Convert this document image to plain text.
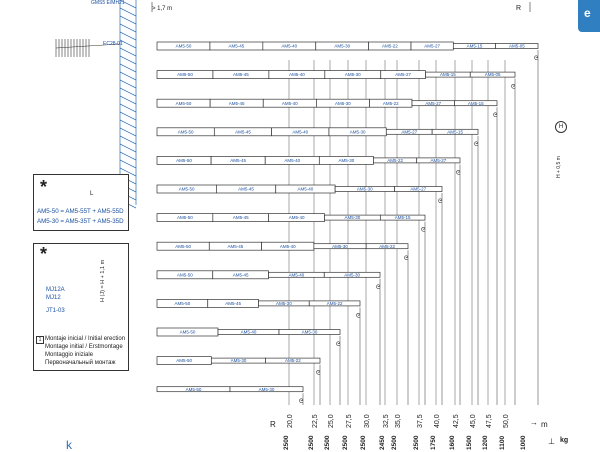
AM5-50	AM5-45	AM5-40	AM5-30	AM5-22	AM5-27	AM5-15	AM5-05
ᘓ
AM5-50	AM5-45	AM5-40	AM5-30	AM5-27	AM5-15	AM5-05
ᘓ
AM5-50	AM5-45	AM5-40	AM5-30	AM5-22	AM5-27	AM5-15
ᘓ
AM5-50	AM5-45	AM5-40	AM5-30	AM5-27	AM5-15
ᘓ
AM5-50	AM5-45	AM5-40	AM5-30	AM5-22	AM5-27
ᘓ
AM5-50	AM5-45	AM5-40	AM5-30	AM5-27
ᘓ
AM5-50	AM5-45	AM5-40	AM5-30	AM5-15
ᘓ
AM5-50	AM5-45	AM5-40	AM5-30	AM5-22
ᘓ
AM5-50	AM5-45	AM5-40	AM5-30
ᘓ
AM5-50	AM5-45	AM5-30	AM5-22
ᘓ
AM5-50	AM5-40	AM5-30
ᘓ
AM5-50	AM5-30	AM5-22
ᘓ
AM5-50	AM5-30
ᘓ
20,0	22,5 25,0 27,5 30,0 32,5 35,0 37,5 40,0 42,5 45,0 47,5 50,0
2500	2500 2500 2500 2500 2450 2500 2500 1750 1600 1500 1200 1100 1000
→
⊥
GMS5 E/MH21
> 1,7 m	R	e
EC28-01
*	L
AM5-50 = AM5-55T + AM5-55D
AM5-30 = AM5-35T + AM5-35D
*
MJ12A
MJ12
JT1-03
H (J) = H + 1,1 m
1 Montaje inicial / Initial erection
Montage initial / Erstmontage
Montaggio iniziale
Первоначальный монтаж
H
H + 0,5 m
R	m
kg
k
